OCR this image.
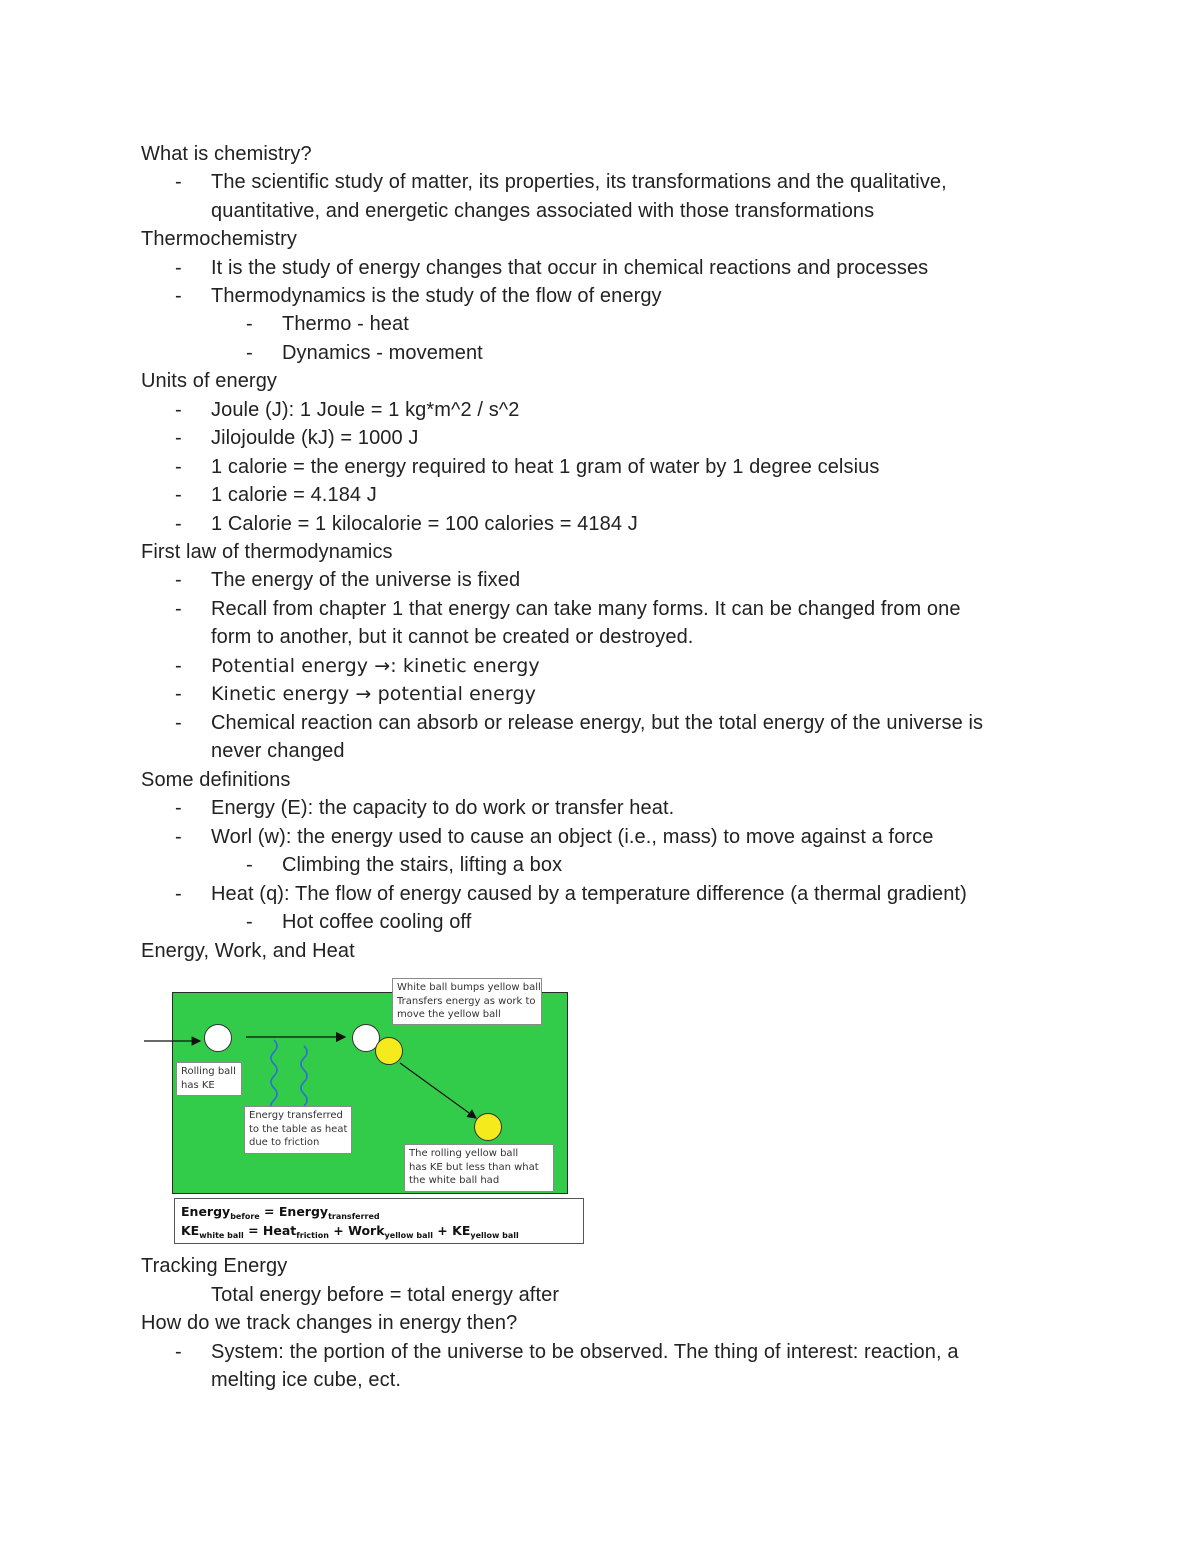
What is chemistry?
- The scientific study of matter, its properties, its transformations and the qualitative,
quantitative, and energetic changes associated with those transformations
Thermochemistry
- It is the study of energy changes that occur in chemical reactions and processes
- Thermodynamics is the study of the flow of energy
- Thermo - heat
- Dynamics - movement
Units of energy
- Joule (J): 1 Joule = 1 kg*m^2 / s^2
- Jilojoulde (kJ) = 1000 J
- 1 calorie = the energy required to heat 1 gram of water by 1 degree celsius
- 1 calorie = 4.184 J
- 1 Calorie = 1 kilocalorie = 100 calories = 4184 J
First law of thermodynamics
- The energy of the universe is fixed
- Recall from chapter 1 that energy can take many forms. It can be changed from one
form to another, but it cannot be created or destroyed.
- Potential energy →: kinetic energy
- Kinetic energy → potential energy
- Chemical reaction can absorb or release energy, but the total energy of the universe is
never changed
Some definitions
- Energy (E): the capacity to do work or transfer heat.
- Worl (w): the energy used to cause an object (i.e., mass) to move against a force
- Climbing the stairs, lifting a box
- Heat (q): The flow of energy caused by a temperature difference (a thermal gradient)
- Hot coffee cooling off
Energy, Work, and Heat
White ball bumps yellow ball
Transfers energy as work to
move the yellow ball
Rolling ball
has KE
Energy transferred
to the table as heat
due to friction
The rolling yellow ball
has KE but less than what
the white ball had
Energy$_{before}$ = Energy$_{transferred}$
$KE_{white ball}$ = Heat$_{friction}$ + Work$_{yellow ball}$ + $KE_{yellow ball}$
Tracking Energy
Total energy before = total energy after
How do we track changes in energy then?
- System: the portion of the universe to be observed. The thing of interest: reaction, a
melting ice cube, ect.
